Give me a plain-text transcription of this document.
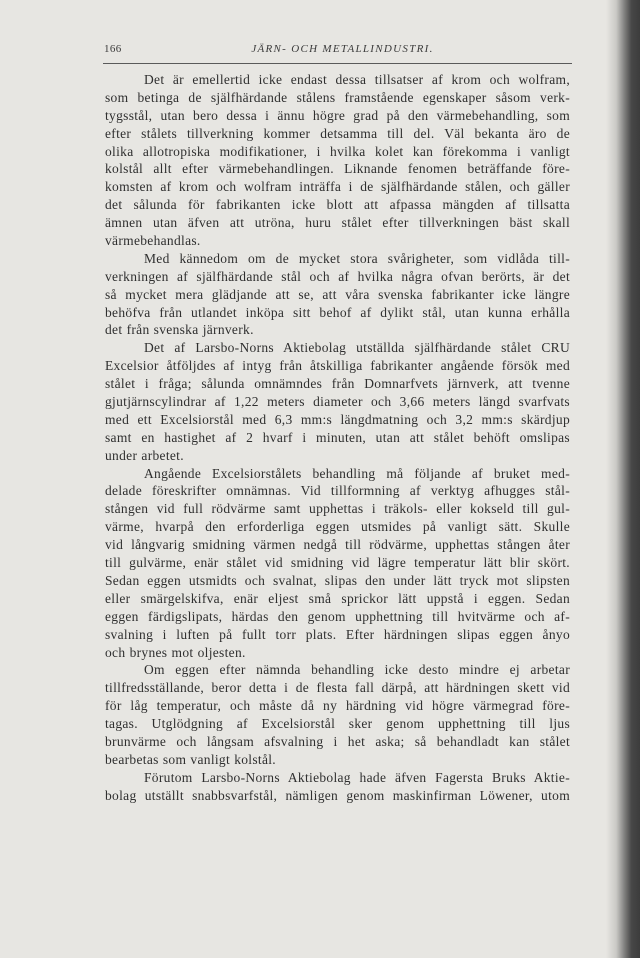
166	JÄRN- OCH METALLINDUSTRI.
Det är emellertid icke endast dessa tillsatser af krom och wolfram,
som betinga de själfhärdande stålens framstående egenskaper såsom verk-
tygsstål, utan bero dessa i ännu högre grad på den värmebehandling, som
efter stålets tillverkning kommer detsamma till del. Väl bekanta äro de
olika allotropiska modifikationer, i hvilka kolet kan förekomma i vanligt
kolstål allt efter värmebehandlingen. Liknande fenomen beträffande före-
komsten af krom och wolfram inträffa i de själfhärdande stålen, och gäller
det sålunda för fabrikanten icke blott att afpassa mängden af tillsatta
ämnen utan äfven att utröna, huru stålet efter tillverkningen bäst skall
värmebehandlas.
Med kännedom om de mycket stora svårigheter, som vidlåda till-
verkningen af själfhärdande stål och af hvilka några ofvan berörts, är det
så mycket mera glädjande att se, att våra svenska fabrikanter icke längre
behöfva från utlandet inköpa sitt behof af dylikt stål, utan kunna erhålla
det från svenska järnverk.
Det af Larsbo-Norns Aktiebolag utställda själfhärdande stålet CRU
Excelsior åtföljdes af intyg från åtskilliga fabrikanter angående försök med
stålet i fråga; sålunda omnämndes från Domnarfvets järnverk, att tvenne
gjutjärnscylindrar af 1,22 meters diameter och 3,66 meters längd svarfvats
med ett Excelsiorstål med 6,3 mm:s längdmatning och 3,2 mm:s skärdjup
samt en hastighet af 2 hvarf i minuten, utan att stålet behöft omslipas
under arbetet.
Angående Excelsiorstålets behandling må följande af bruket med-
delade föreskrifter omnämnas. Vid tillformning af verktyg afhugges stål-
stången vid full rödvärme samt upphettas i träkols- eller kokseld till gul-
värme, hvarpå den erforderliga eggen utsmides på vanligt sätt. Skulle
vid långvarig smidning värmen nedgå till rödvärme, upphettas stången åter
till gulvärme, enär stålet vid smidning vid lägre temperatur lätt blir skört.
Sedan eggen utsmidts och svalnat, slipas den under lätt tryck mot slipsten
eller smärgelskifva, enär eljest små sprickor lätt uppstå i eggen. Sedan
eggen färdigslipats, härdas den genom upphettning till hvitvärme och af-
svalning i luften på fullt torr plats. Efter härdningen slipas eggen ånyo
och brynes mot oljesten.
Om eggen efter nämnda behandling icke desto mindre ej arbetar
tillfredsställande, beror detta i de flesta fall därpå, att härdningen skett vid
för låg temperatur, och måste då ny härdning vid högre värmegrad före-
tagas. Utglödgning af Excelsiorstål sker genom upphettning till ljus
brunvärme och långsam afsvalning i het aska; så behandladt kan stålet
bearbetas som vanligt kolstål.
Förutom Larsbo-Norns Aktiebolag hade äfven Fagersta Bruks Aktie-
bolag utställt snabbsvarfstål, nämligen genom maskinfirman Löwener, utom
